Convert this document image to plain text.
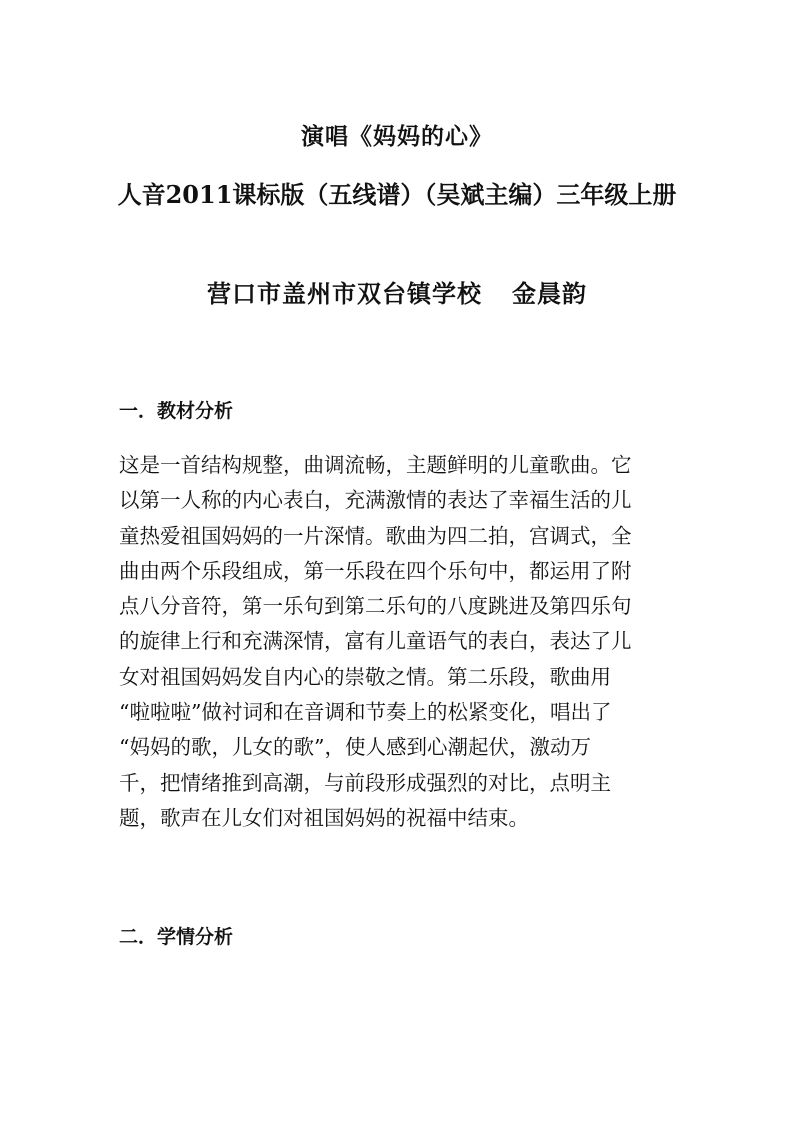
演唱《妈妈的心》
人音2011课标版（五线谱）（吴斌主编）三年级上册
营口市盖州市双台镇学校 金晨韵
一．教材分析
这是一首结构规整，曲调流畅，主题鲜明的儿童歌曲。它
以第一人称的内心表白，充满激情的表达了幸福生活的儿
童热爱祖国妈妈的一片深情。歌曲为四二拍，宫调式，全
曲由两个乐段组成，第一乐段在四个乐句中，都运用了附
点八分音符，第一乐句到第二乐句的八度跳进及第四乐句
的旋律上行和充满深情，富有儿童语气的表白，表达了儿
女对祖国妈妈发自内心的崇敬之情。第二乐段，歌曲用
“啦啦啦”做衬词和在音调和节奏上的松紧变化，唱出了
“妈妈的歌，儿女的歌”，使人感到心潮起伏，激动万
千，把情绪推到高潮，与前段形成强烈的对比，点明主
题，歌声在儿女们对祖国妈妈的祝福中结束。
二．学情分析
